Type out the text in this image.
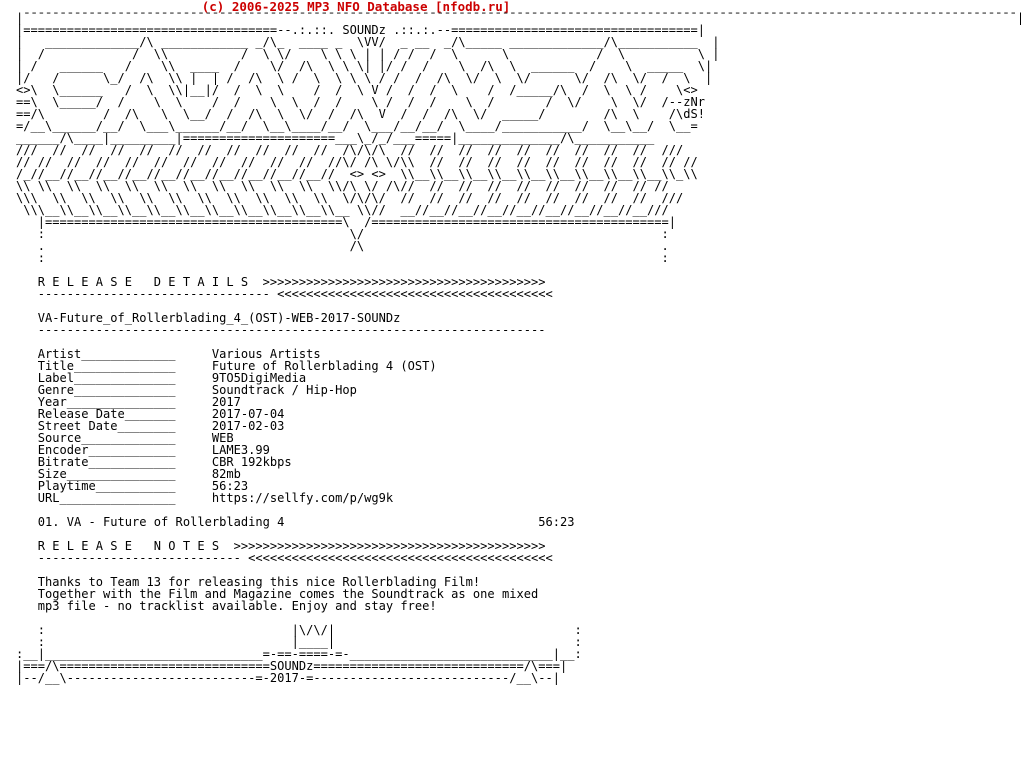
(c) 2006-2025 MP3 NFO Database [nfodb.ru]
|¯¯¯¯¯¯¯¯¯¯¯¯¯¯¯¯¯¯¯¯¯¯¯¯¯¯¯¯¯¯¯¯¯¯¯¯¯¯¯¯¯¯¯¯¯¯¯¯¯¯¯¯¯¯¯¯¯¯¯¯¯¯¯¯¯¯¯¯¯¯¯¯¯¯¯¯¯¯¯¯¯¯¯¯¯¯¯¯¯¯¯¯¯¯¯¯¯¯¯¯¯¯¯¯¯¯¯¯¯¯¯¯¯¯¯¯¯¯¯¯¯¯¯¯¯¯¯¯¯¯¯¯¯¯¯¯¯|
|===================================--.:.::. SOUNDz .::.:.--==================================|
|   _____________/\ ____________ _/\_  ____ _  \VV/  _ __  _/\_____ _____________/\___________  |
|  /            /  \\          /  \ \/    \ \ \ | | / /  /  \      \            /  \          \ |
| /   ______   /    \\  ____  /    \/  /\  \ \ \| |/ /  /    \  /\  \  ______  /    \  _____  \|
|/   /      \_/  /\  \\ |  | /  /\  \ /  \  \ \ \ / /  /  /\  \/  \  \/      \/  /\  \/  /  \  |
<>\  \______   /  \  \\|__|/  /  \  \    /  /  \ V /  /  /  \    /  /_____/\  /  \  \ /    \<>
==\  \_____/  /    \  \    /  /    \  \  /  /    \ /  /  /    \  /       /  \/    \  \/  /--zNr
==/\        /  /\   \  \__/  /  /\  \  \/  /  /\  V  /  /  /\  \/  _____/        /\  \    /\dS!
=/__\______/__/  \___\______/__/  \__\____/__/  \___/__/__/  \____/___________/  \__\__/  \__=
______/\____|_________|=====================___\_/_/___=====|______________/\___________
///  //  //  //  //  //  //  //  //  //  //  /\/\/\  //  //  //  //  //  //  //  //  //  ///
// //  //  //  //  //  //  //  //  //  //  //\/ /\ \/\\  //  //  //  //  //  //  //  //  // //
/_//__//__//__//__//__//__//__//__//__//__//  <> <>  \\__\\__\\__\\__\\__\\__\\__\\__\\__\\_\\
\\ \\  \\  \\  \\  \\  \\  \\  \\  \\  \\  \\/\ \/ /\//  //  //  //  //  //  //  //  // //
\\\  \\  \\  \\  \\  \\  \\  \\  \\  \\  \\  \/\/\/  //  //  //  //  //  //  //  //  //  ///
\\\__\\__\\__\\__\\__\\__\\__\\__\\__\\__\\__ \\//  __//__//__//__//__//__//__//__//__///
|=========================================\  /=========================================|
:                                          \/                                         :
.                                          /\                                         .
:                                                                                     :

R E L E A S E   D E T A I L S  >>>>>>>>>>>>>>>>>>>>>>>>>>>>>>>>>>>>>>>
-------------------------------- <<<<<<<<<<<<<<<<<<<<<<<<<<<<<<<<<<<<<<

VA-Future_of_Rollerblading_4_(OST)-WEB-2017-SOUNDz
----------------------------------------------------------------------

Artist_____________     Various Artists
Title______________     Future of Rollerblading 4 (OST)
Label______________     9TO5DigiMedia
Genre______________     Soundtrack / Hip-Hop
Year_______________     2017
Release Date_______     2017-07-04
Street Date________     2017-02-03
Source_____________     WEB
Encoder____________     LAME3.99
Bitrate____________     CBR 192kbps
Size_______________     82mb
Playtime___________     56:23
URL________________     https://sellfy.com/p/wg9k

01. VA - Future of Rollerblading 4                                   56:23

R E L E A S E   N O T E S  >>>>>>>>>>>>>>>>>>>>>>>>>>>>>>>>>>>>>>>>>>>
---------------------------- <<<<<<<<<<<<<<<<<<<<<<<<<<<<<<<<<<<<<<<<<<

Thanks to Team 13 for releasing this nice Rollerblading Film!
Together with the Film and Magazine comes the Soundtrack as one mixed
mp3 file - no tracklist available. Enjoy and stay free!

:                                  |\/\/|                                 :
:                                  |____|                                 :
:__|______________________________=-==-====-=-____________________________|__:
|===/\=============================SOUNDz=============================/\===|
|--/__\--------------------------=-2017-=---------------------------/__\--|
